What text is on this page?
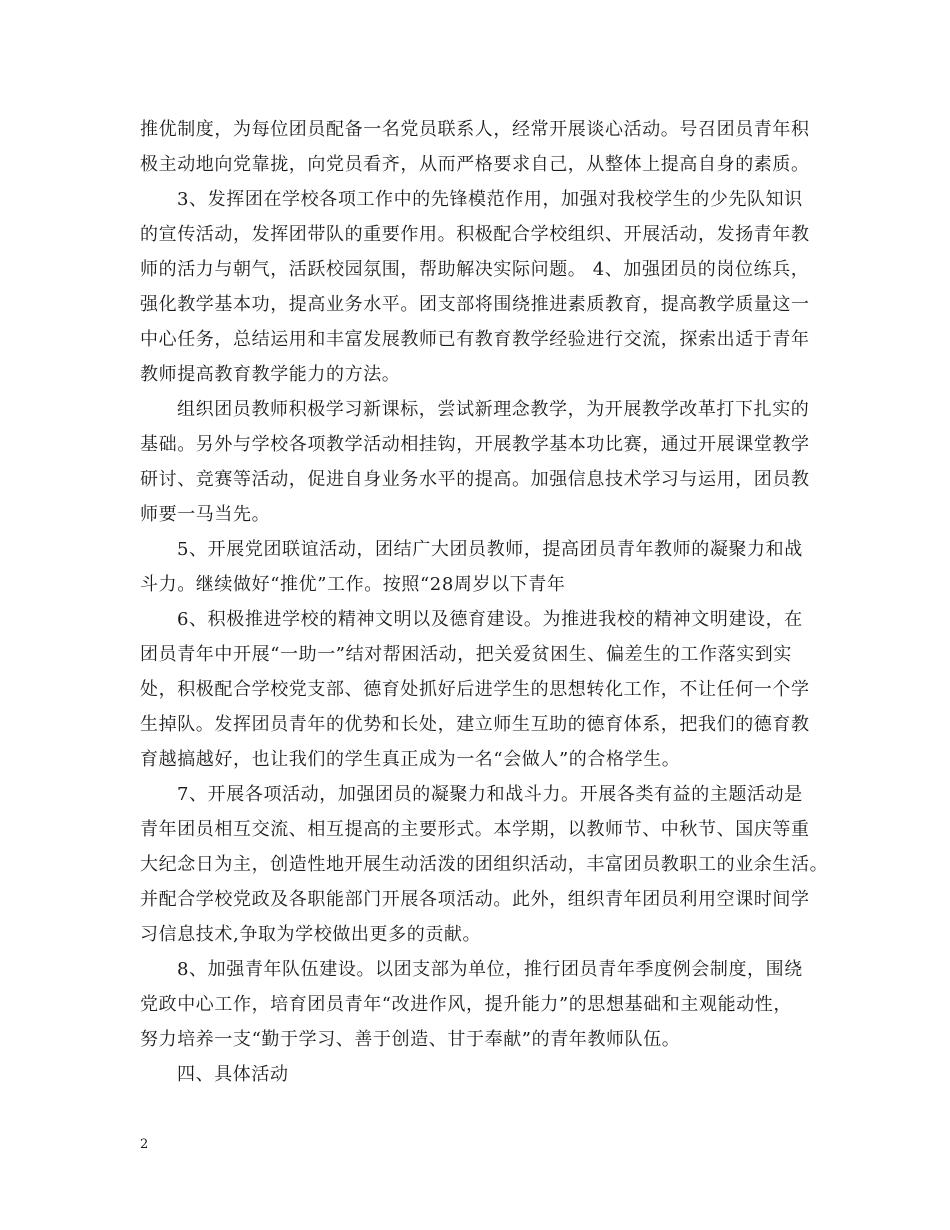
推优制度，为每位团员配备一名党员联系人，经常开展谈心活动。号召团员青年积
极主动地向党靠拢，向党员看齐，从而严格要求自己，从整体上提高自身的素质。
3、发挥团在学校各项工作中的先锋模范作用，加强对我校学生的少先队知识
的宣传活动，发挥团带队的重要作用。积极配合学校组织、开展活动，发扬青年教
师的活力与朝气，活跃校园氛围，帮助解决实际问题。 4、加强团员的岗位练兵，
强化教学基本功，提高业务水平。团支部将围绕推进素质教育，提高教学质量这一
中心任务，总结运用和丰富发展教师已有教育教学经验进行交流，探索出适于青年
教师提高教育教学能力的方法。
组织团员教师积极学习新课标，尝试新理念教学，为开展教学改革打下扎实的
基础。另外与学校各项教学活动相挂钩，开展教学基本功比赛，通过开展课堂教学
研讨、竞赛等活动，促进自身业务水平的提高。加强信息技术学习与运用，团员教
师要一马当先。
5、开展党团联谊活动，团结广大团员教师，提高团员青年教师的凝聚力和战
斗力。继续做好“推优”工作。按照“28周岁以下青年
6、积极推进学校的精神文明以及德育建设。为推进我校的精神文明建设，在
团员青年中开展“一助一”结对帮困活动，把关爱贫困生、偏差生的工作落实到实
处，积极配合学校党支部、德育处抓好后进学生的思想转化工作，不让任何一个学
生掉队。发挥团员青年的优势和长处，建立师生互助的德育体系，把我们的德育教
育越搞越好，也让我们的学生真正成为一名“会做人”的合格学生。
7、开展各项活动，加强团员的凝聚力和战斗力。开展各类有益的主题活动是
青年团员相互交流、相互提高的主要形式。本学期，以教师节、中秋节、国庆等重
大纪念日为主，创造性地开展生动活泼的团组织活动，丰富团员教职工的业余生活。
并配合学校党政及各职能部门开展各项活动。此外，组织青年团员利用空课时间学
习信息技术,争取为学校做出更多的贡献。
8、加强青年队伍建设。以团支部为单位，推行团员青年季度例会制度，围绕
党政中心工作，培育团员青年“改进作风，提升能力”的思想基础和主观能动性，
努力培养一支“勤于学习、善于创造、甘于奉献”的青年教师队伍。
四、具体活动
2
